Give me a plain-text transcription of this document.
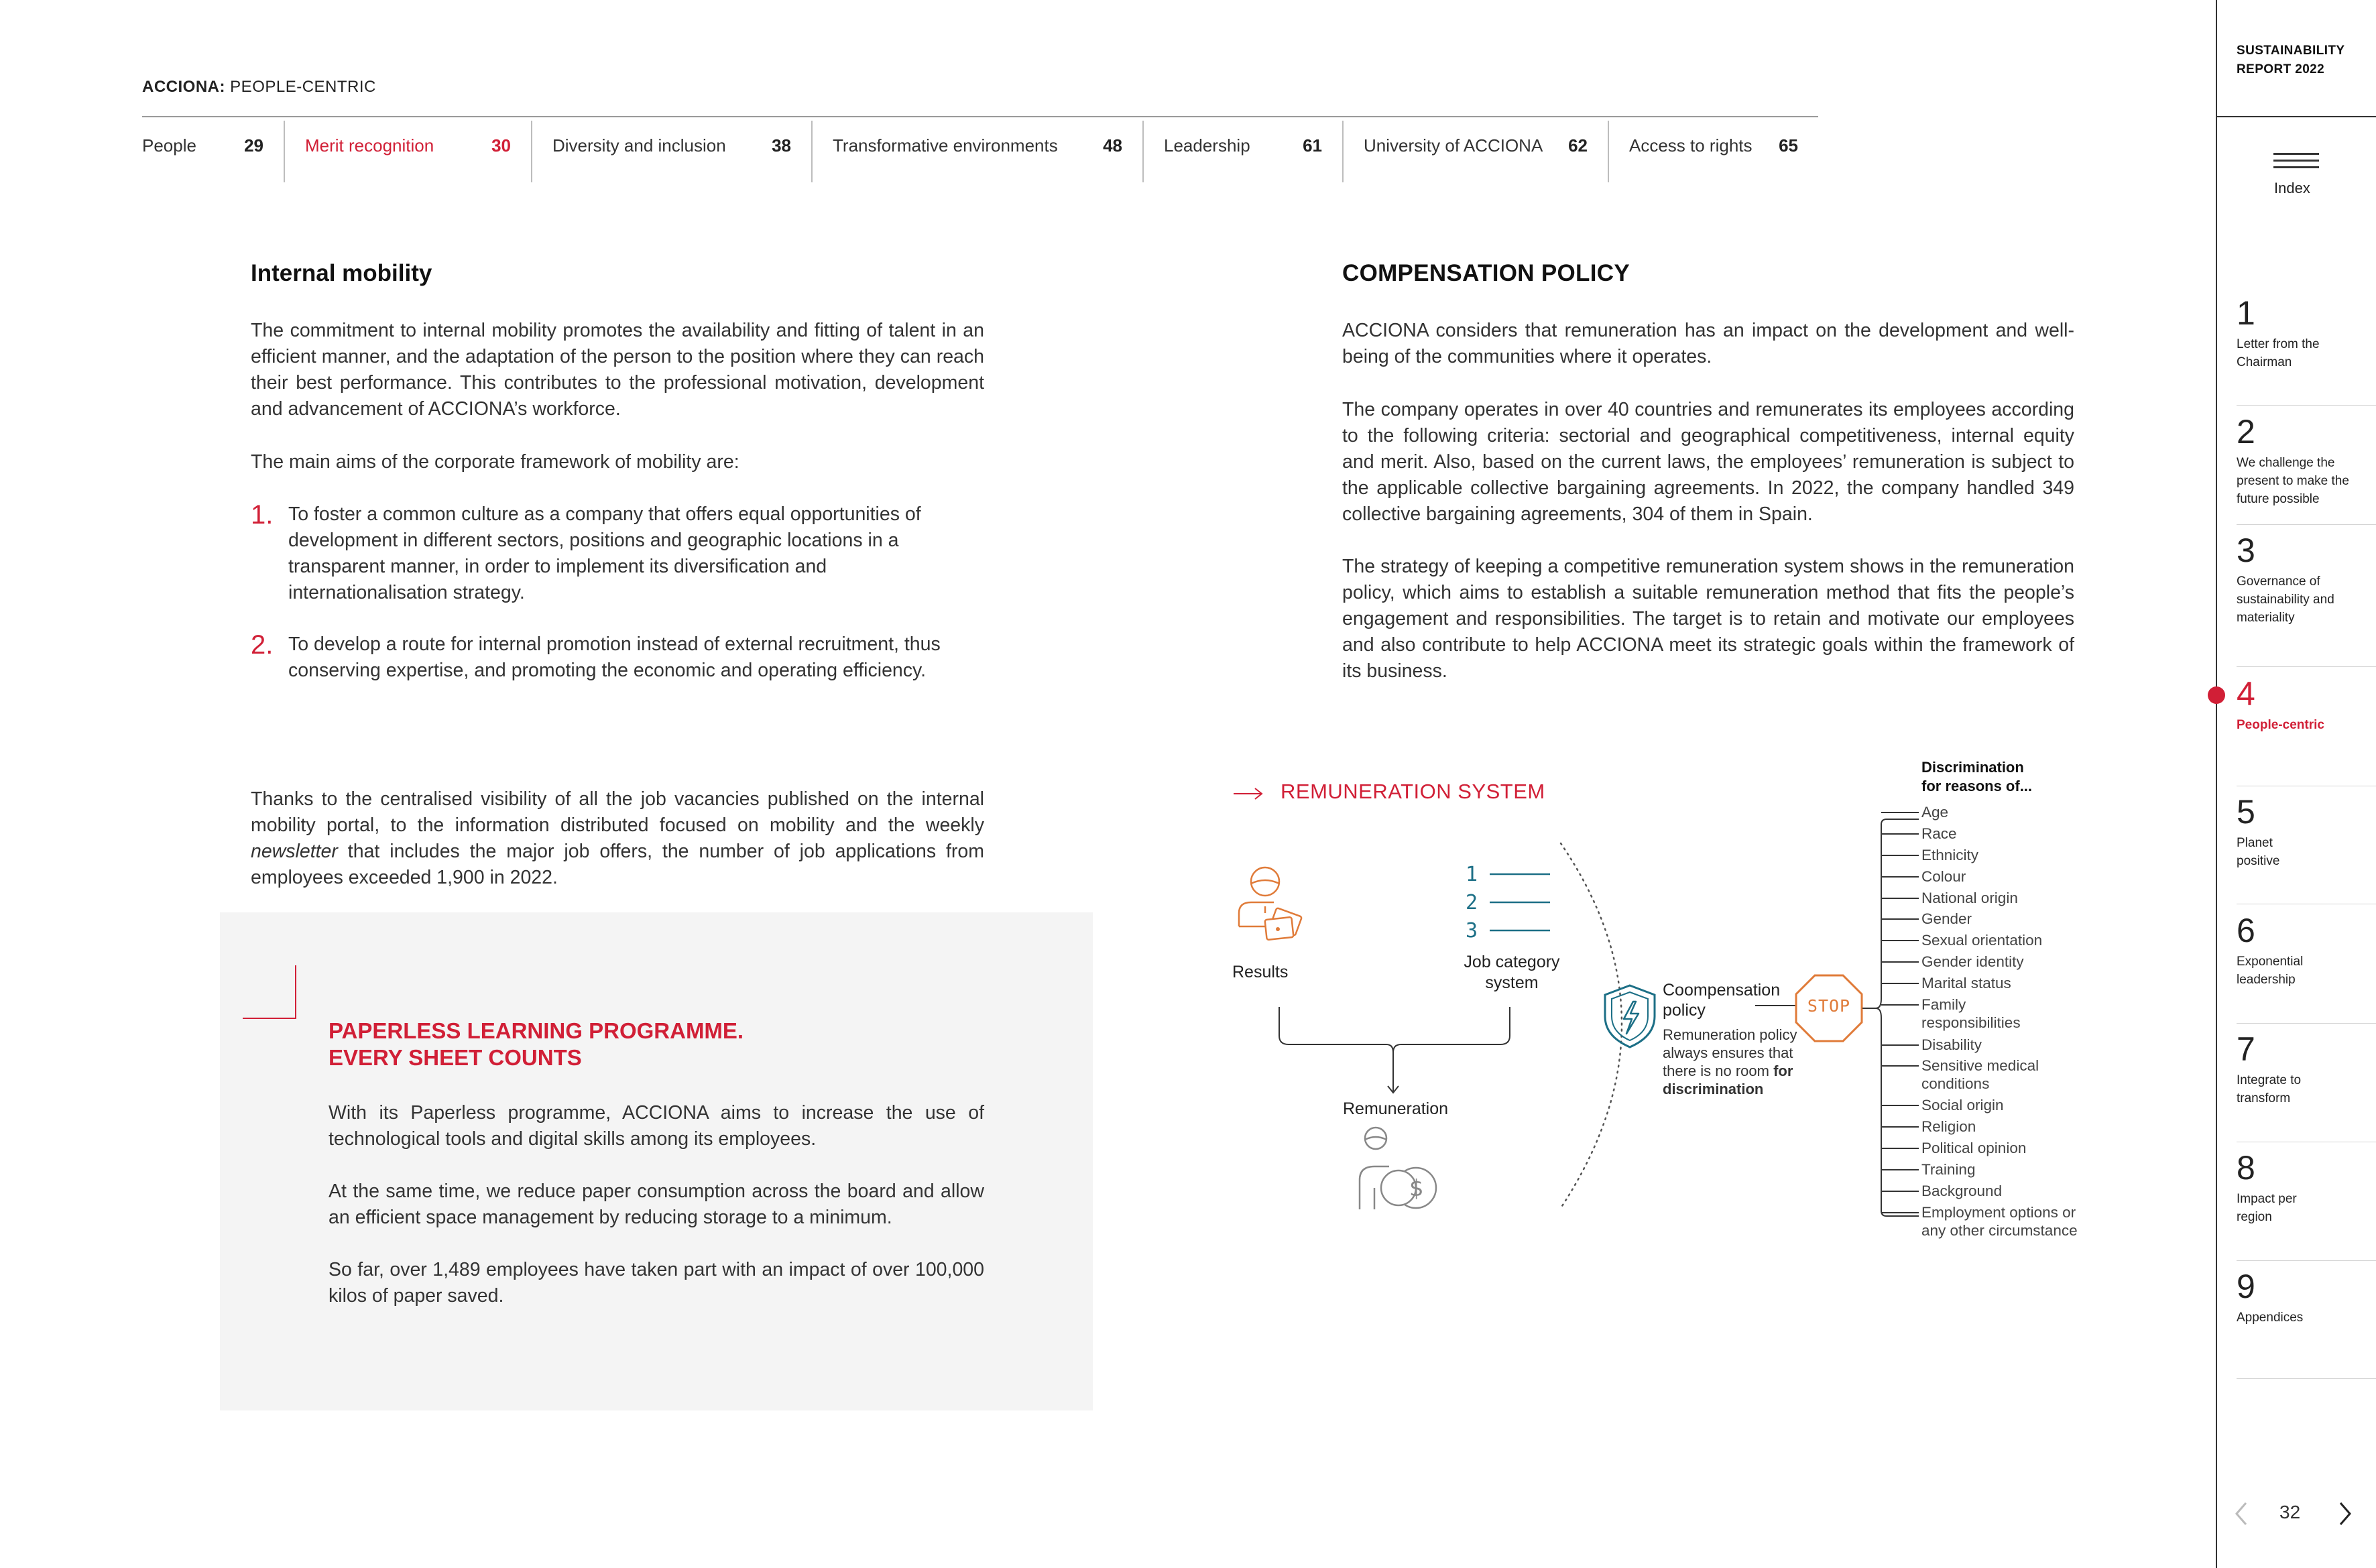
ACCIONA: PEOPLE-CENTRIC
People	29 Merit recognition	30 Diversity and inclusion	38 Transformative environments	48 Leadership	61 University of ACCIONA 62 Access to rights 65
Internal mobility
The commitment to internal mobility promotes the availability and fitting of talent in an efficient manner, and the adaptation of the person to the position where they can reach their best performance. This contributes to the professional motivation, development and advancement of ACCIONA’s workforce.
The main aims of the corporate framework of mobility are:
1. To foster a common culture as a company that offers equal opportunities of development in different sectors, positions and geographic locations in a transparent manner, in order to implement its diversification and internationalisation strategy.
2. To develop a route for internal promotion instead of external recruitment, thus conserving expertise, and promoting the economic and operating efficiency.
Thanks to the centralised visibility of all the job vacancies published on the internal mobility portal, to the information distributed focused on mobility and the weekly newsletter that includes the major job offers, the number of job applications from employees exceeded 1,900 in 2022.
PAPERLESS LEARNING PROGRAMME.
EVERY SHEET COUNTS
With its Paperless programme, ACCIONA aims to increase the use of technological tools and digital skills among its employees.
At the same time, we reduce paper consumption across the board and allow an efficient space management by reducing storage to a minimum.
So far, over 1,489 employees have taken part with an impact of over 100,000 kilos of paper saved.
COMPENSATION POLICY
ACCIONA considers that remuneration has an impact on the development and well-being of the communities where it operates.
The company operates in over 40 countries and remunerates its employees according to the following criteria: sectorial and geographical competitiveness, internal equity and merit. Also, based on the current laws, the employees’ remuneration is subject to the applicable collective bargaining agreements. In 2022, the company handled 349 collective bargaining agreements, 304 of them in Spain.
The strategy of keeping a competitive remuneration system shows in the remuneration policy, which aims to establish a suitable remuneration method that fits the people’s engagement and responsibilities. The target is to retain and motivate our employees and also contribute to help ACCIONA meet its strategic goals within the framework of its business.
REMUNERATION SYSTEM
Results
1
2
3
Job category
system
Remuneration
$
Coompensation
policy
Remuneration policy always ensures that there is no room for discrimination
STOP
Discrimination
for reasons of...
Age
Race
Ethnicity
Colour
National origin
Gender
Sexual orientation
Gender identity
Marital status
Family responsibilities
Disability
Sensitive medical conditions
Social origin
Religion
Political opinion
Training
Background
Employment options or any other circumstance
SUSTAINABILITY
REPORT 2022
Index
1
Letter from the Chairman
2
We challenge the present to make the future possible
3
Governance of sustainability and materiality
4
People-centric
5
Planet positive
6
Exponential leadership
7
Integrate to transform
8
Impact per region
9
Appendices
32
